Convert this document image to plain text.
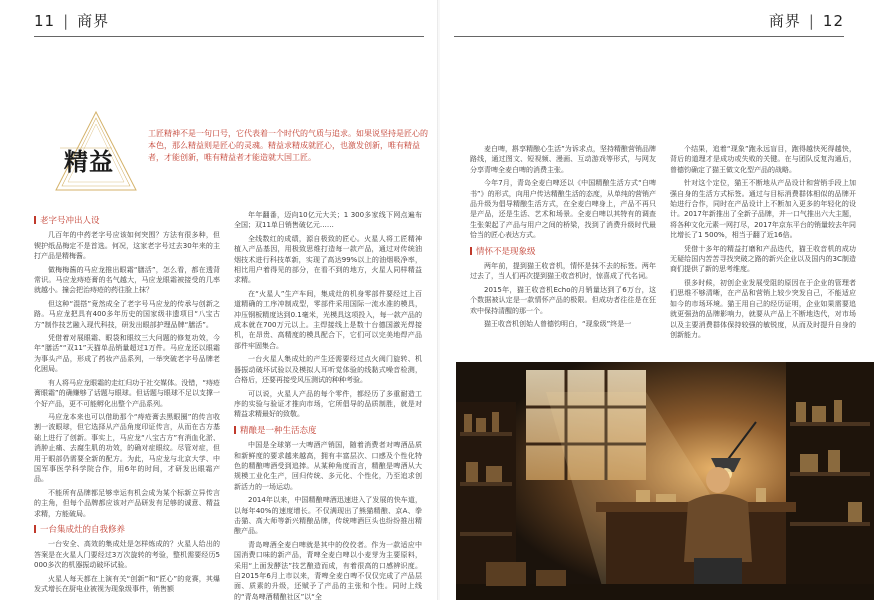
11 | 商界
精益
工匠精神不是一句口号，它代表着一个时代的气质与追求。如果说坚持是匠心的本色，那么精益则是匠心的灵魂。精益求精成就匠心，也激发创新，唯有精益者，才能创新，唯有精益者才能造就大国工匠。
老字号冲出人设

几百年的中药老字号应该如何突围？方法有很多种，但锲护纸品梅定不是首选。何况，这家老字号过去30年来的主打产品是精梅酱。

做梅梅酱的马应龙推出眼霜“膳活”，怎么看，都在透背常识。马应龙痔疮膏的名气越大，马应龙眼霜被接受的几率就越小。撞会把治痔疮的药往脸上抹？

但这种“混搭”竟然成全了老字号马应龙的传承与创新之路。马应龙把具有400多年历史的国家级非遗项目“八宝古方”制作技艺融入现代科技，研发出眼部护理品牌“膳活”。

凭借着对展眼霜、眼袋和眼纹三大问题的修复功效，今年“膳活““双11”天猫单品销量超过1万件。马应龙还以眼霜为事头产品，形成了药妆产品系列，一举突破老字号品牌老化困局。

有人将马应龙眼霜的走红归功于社交媒体。没错，“痔疮膏眼霜”的确赚够了话题与眼球。但话题与眼球不足以支撑一个好产品，更不可能孵化出整个产品系列。

马应龙本来也可以借助那个“痔疮膏去黑眼圈”的传言收割一波眼球，但它选择从产品角度印证传言，从而在古方基础上进行了创新。事实上，马应龙“八宝古方”有消血化淤、消肿止痛、去腐生肌的功效，的确对症眼纹。尽管对症，但用于眼部仍需要全新的配方。为此，马应龙与北京大学、中国军事医学科学院合作，用6年的时间，才研发出眼霜产品。

不能所有品牌都足够幸运有机会成为某个标新立异传言的主角，但每个品牌都应该对产品研发有足够的诚意、精益求精，方能破局。

一台集成灶的自我修养

一台安全、高效的集成灶是怎样炼成的？火星人给出的答案是在火星人门要经过3万次旋转的考验，整机需要经历5 000多次的机器振动破坏试验。

火星人每天都在上演有关“创新”和“匠心”的竞赛，其爆发式增长在厨电业被视为现象级事件，销售额

年年翻番，迈向10亿元大关；1 300多家线下网点遍布全国；双11单日销售破亿元……

全线数红的成绩，源自极致的匠心。火星人将工匠精神植入产品基因，用极致思维打造每一款产品，通过对传统油烟技术进行科技革新，实现了高达99%以上的油烟吸净率，相比用户着得见的部分，在看不到的地方，火星人同样精益求精。

在“火星人”生产车间，集成灶的机身零部件要经过上百道精确的工序冲制成型，零部件采用国际一流水准的模具，冲压钢板精度达到0.1毫米，光模具这项投入，每一款产品的成本就在700万元以上。主焊接线上是数十台德国激光焊接机，在昂贵、高精度的模具配合下，它们可以完美地焊产品部件牢固集合。

一台火星人集成灶的产生还需要经过点火阀门旋转、机器振动破坏试验以及模拟人耳听觉体验的线黏式噪音检测，合格后，还要再接受风压测试的种种考验。

可以说，火星人产品的每个零件，都经历了多重耐造工序的实验与验证才推向市场，它所倡导的品质制胜，就是对精益求精最好的致敬。

精酿是一种生活态度

中国是全球第一大啤酒产销国，随着消费者对啤酒品质和新鲜度的要求越来越高，拥有丰富层次、口感及个性化特色的精酿啤酒受到追捧。从某种角度而言，精酿是啤酒从大规模工业化生产，回归传统、多元化、个性化，乃至追求创新活力的一场运动。

2014年以来，中国精酿啤酒迅速进入了发展的快车道，以每年40%的速度增长。不仅满现出了熊猫精酿、京A、拳击猫、高大师等新兴精酿品牌，传统啤酒巨头也纷纷推出精酿产品。

青岛啤酒全麦白啤就是其中的佼佼者。作为一款适应中国消费口味的新产品，青啤全麦白啤以小麦芽为主要原料，采用“上面发酵法”技艺酿造而成，有着很高的口感辨识度。自2015年6月上市以来，青啤全麦白啤不仅仅完成了产品层面、质素的升级，还赋予了产品的主张和个性。同时上线的“青岛啤酒精酿社区”以“全

商界 | 12

麦白啤，斟享精酿心生活”为诉求点，坚持精酿营销品牌路线，通过图文、短视频、漫画、互动游戏等形式，与网友分享青啤全麦白啤的消费主张。

今年7月，青岛全麦白啤还以《中国精酿生活方式“白啤书”》的形式，向用户传达精酿生活的态度，从单纯的营销产品升级为倡导精酿生活方式，在全麦白啤身上，产品不再只是产品，还是生活、艺术和场景。全麦白啤以其特有的调查生张架起了产品与用户之间的桥梁，找到了消费升级时代最恰当的匠心表达方式。

情怀不是现象级

两年前，提到猫王收音机，情怀是抹不去的标签。两年过去了，当人们再次提到猫王收音机时，惊喜成了代名词。

2015年，猫王收音机Echo的月销量达到了6万台，这个数据被认定是一款情怀产品的极限。但成功者往往是在狂欢中保持清醒的那一个。

猫王收音机创始人曾德钧明白，“现象级”终是一

个结果，追着“现象”跑永远盲目，跑得越快死得越快，背后的道理才是成功或失败的关键。在与团队反复沟通后，曾德钧确定了猫王做文化型产品的战略。

针对这个定位，猫王不断地从产品设计和营销手段上加强自身的生活方式标签。通过与目标消费群体相似的品牌开始进行合作，同时在产品设计上不断加入更多的年轻化的设计。2017年新推出了全新子品牌，并一口气推出六大主题，将各种文化元素一网打尽，2017年京东平台的销量较去年同比增长了1 500%，相当于翻了近16倍。

凭借十多年的精益打磨和产品迭代，猫王收音机的成功无疑给国内苦苦寻找突破之路的新兴企业以及国内的3C制造商们提供了新的思考维度。

很多时候，初创企业发展受阻的原因在于企业的管理者们思维不够清晰，在产品和营销上较少突发自己，不能适应如今的市场环境。猫王用自己的经历证明，企业如果需要追就更强劲的品牌影响力，就要从产品上不断地迭代，对市场以及主要消费群体保持较强的敏锐度，从而及时提升自身的创新能力。
